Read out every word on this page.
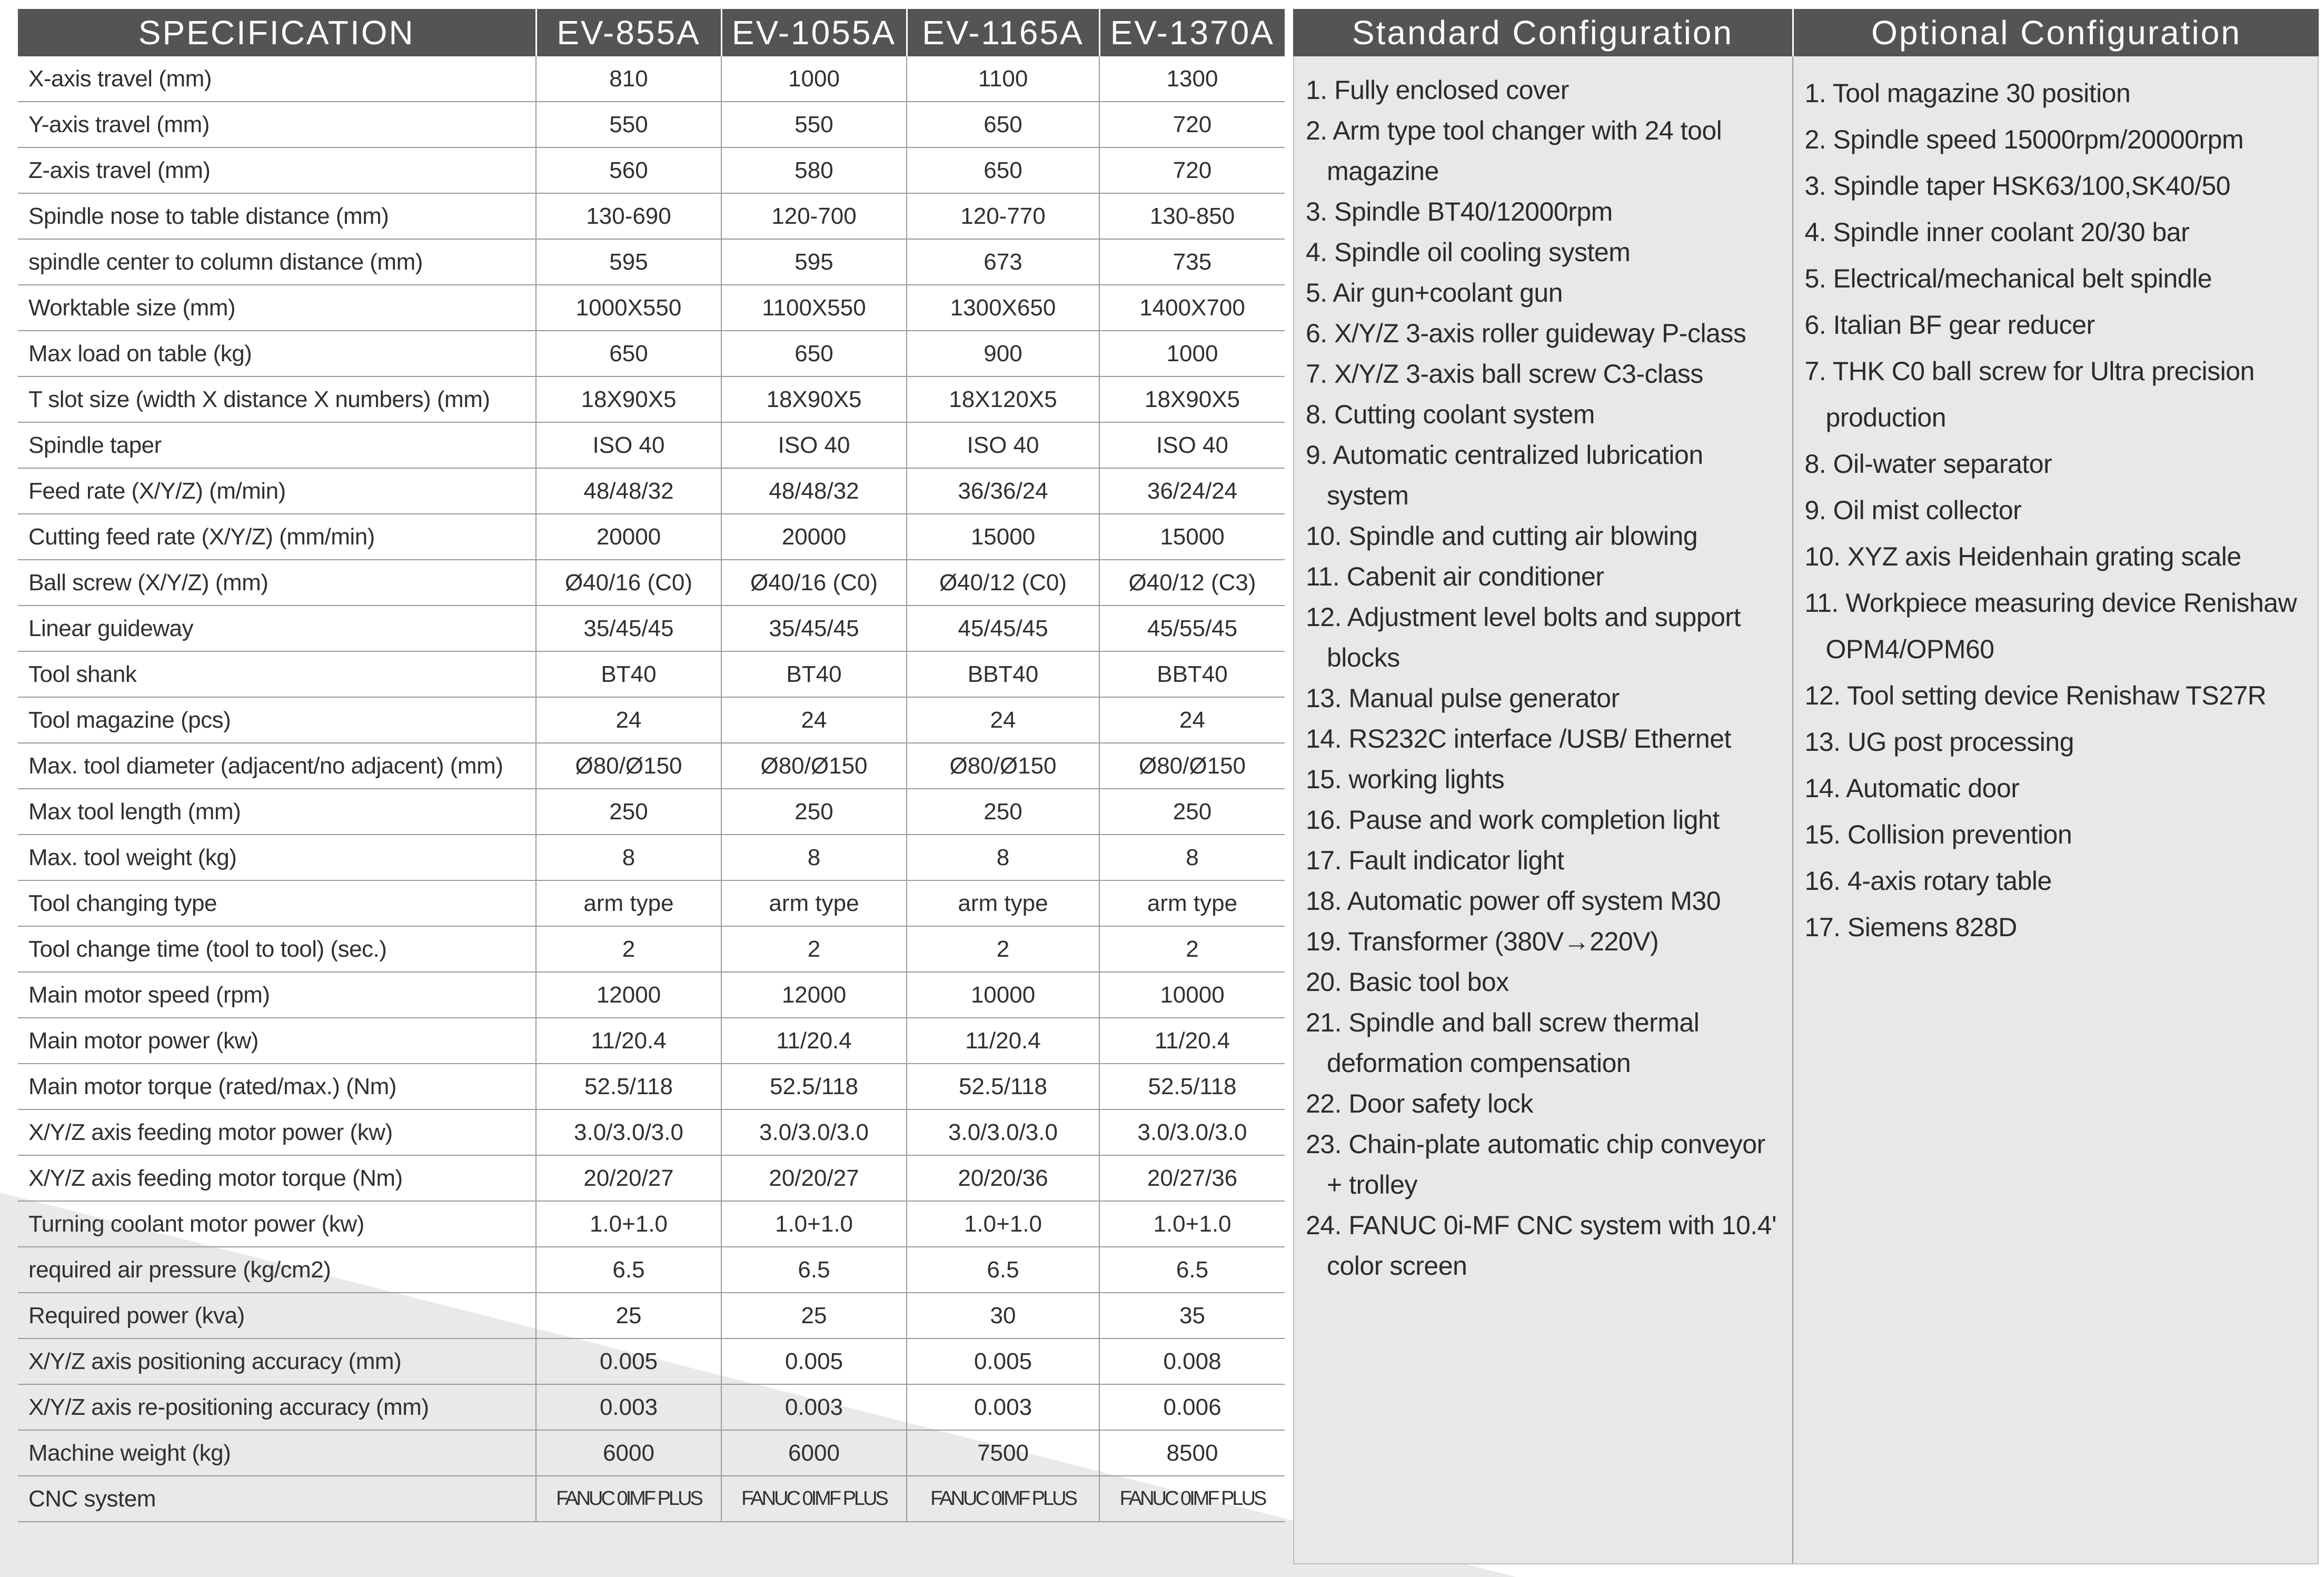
SPECIFICATION	EV-855A	EV-1055A	EV-1165A	EV-1370A
X-axis travel (mm)	810	1000	1100	1300
Y-axis travel (mm)	550	550	650	720
Z-axis travel (mm)	560	580	650	720
Spindle nose to table distance (mm)	130-690	120-700	120-770	130-850
spindle center to column distance (mm)	595	595	673	735
Worktable size (mm)	1000X550	1100X550	1300X650	1400X700
Max load on table (kg)	650	650	900	1000
T slot size (width X distance X numbers) (mm)	18X90X5	18X90X5	18X120X5	18X90X5
Spindle taper	ISO 40	ISO 40	ISO 40	ISO 40
Feed rate (X/Y/Z) (m/min)	48/48/32	48/48/32	36/36/24	36/24/24
Cutting feed rate (X/Y/Z) (mm/min)	20000	20000	15000	15000
Ball screw (X/Y/Z) (mm)	Ø40/16 (C0)	Ø40/16 (C0)	Ø40/12 (C0)	Ø40/12 (C3)
Linear guideway	35/45/45	35/45/45	45/45/45	45/55/45
Tool shank	BT40	BT40	BBT40	BBT40
Tool magazine (pcs)	24	24	24	24
Max. tool diameter (adjacent/no adjacent) (mm)	Ø80/Ø150	Ø80/Ø150	Ø80/Ø150	Ø80/Ø150
Max tool length (mm)	250	250	250	250
Max. tool weight (kg)	8	8	8	8
Tool changing type	arm type	arm type	arm type	arm type
Tool change time (tool to tool) (sec.)	2	2	2	2
Main motor speed (rpm)	12000	12000	10000	10000
Main motor power (kw)	11/20.4	11/20.4	11/20.4	11/20.4
Main motor torque (rated/max.) (Nm)	52.5/118	52.5/118	52.5/118	52.5/118
X/Y/Z axis feeding motor power (kw)	3.0/3.0/3.0	3.0/3.0/3.0	3.0/3.0/3.0	3.0/3.0/3.0
X/Y/Z axis feeding motor torque (Nm)	20/20/27	20/20/27	20/20/36	20/27/36
Turning coolant motor power (kw)	1.0+1.0	1.0+1.0	1.0+1.0	1.0+1.0
required air pressure (kg/cm2)	6.5	6.5	6.5	6.5
Required power (kva)	25	25	30	35
X/Y/Z axis positioning accuracy (mm)	0.005	0.005	0.005	0.008
X/Y/Z axis re-positioning accuracy (mm)	0.003	0.003	0.003	0.006
Machine weight (kg)	6000	6000	7500	8500
CNC system	FANUC 0IMF PLUS	FANUC 0IMF PLUS	FANUC 0IMF PLUS	FANUC 0IMF PLUS
Standard Configuration	Optional Configuration
1. Fully enclosed cover
2. Arm type tool changer with 24 tool magazine
3. Spindle BT40/12000rpm
4. Spindle oil cooling system
5. Air gun+coolant gun
6. X/Y/Z 3-axis roller guideway P-class
7. X/Y/Z 3-axis ball screw C3-class
8. Cutting coolant system
9. Automatic centralized lubrication system
10. Spindle and cutting air blowing
11. Cabenit air conditioner
12. Adjustment level bolts and support blocks
13. Manual pulse generator
14. RS232C interface /USB/ Ethernet
15. working lights
16. Pause and work completion light
17. Fault indicator light
18. Automatic power off system M30
19. Transformer (380V→220V)
20. Basic tool box
21. Spindle and ball screw thermal deformation compensation
22. Door safety lock
23. Chain-plate automatic chip conveyor + trolley
24. FANUC 0i-MF CNC system with 10.4' color screen
1. Tool magazine 30 position
2. Spindle speed 15000rpm/20000rpm
3. Spindle taper HSK63/100,SK40/50
4. Spindle inner coolant 20/30 bar
5. Electrical/mechanical belt spindle
6. Italian BF gear reducer
7. THK C0 ball screw for Ultra precision production
8. Oil-water separator
9. Oil mist collector
10. XYZ axis Heidenhain grating scale
11. Workpiece measuring device Renishaw OPM4/OPM60
12. Tool setting device Renishaw TS27R
13. UG post processing
14. Automatic door
15. Collision prevention
16. 4-axis rotary table
17. Siemens 828D
